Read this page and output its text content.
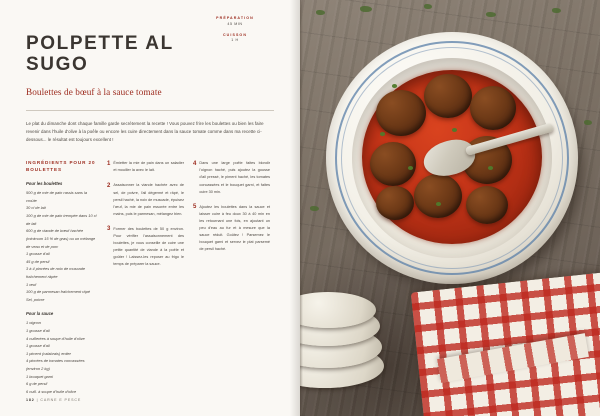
PRÉPARATION
45 MIN
CUISSON
1 H
POLPETTE AL SUGO
Boulettes de bœuf à la sauce tomate
Le plat du dimanche dont chaque famille garde secrètement la recette ! Vous pouvez frire les boulettes ou bien les faire revenir dans l'huile d'olive à la poêle ou encore les cuire directement dans la sauce tomate comme dans ma recette ci-dessous... le résultat est toujours excellent !
INGRÉDIENTS POUR 20 BOULETTES
Pour les boulettes
500 g de mie de pain rassis sans la croûte
30 cl de lait
100 g de mie de pain trempée dans 10 cl de lait
600 g de viande de bœuf hachée (minimum 15 % de gras) ou un mélange de veau et de porc
1 gousse d'ail
45 g de persil
3 à 4 pincées de noix de muscade fraîchement râpée
1 œuf
100 g de parmesan fraîchement râpé
Sel, poivre
Pour la sauce
1 oignon
1 gousse d'ail
4 cuillerées à soupe d'huile d'olive
1 gousse d'ail
1 piment (calabrais) entier
4 pincées de tomates concassées (environ 2 kg)
1 bouquet garni
6 g de persil
6 cuill. à soupe d'huile d'olive
1 Émietter la mie de pain dans un saladier et mouiller la avec le lait.
2 Assaisonner la viande hachée avec de sel, de poivre, l'ail dégermé et râpé, le persil haché, la noix de muscade, épuisez l'œuf, la mie de pain essorée entre les mains, puis le parmesan, mélangez bien.
3 Former des boulettes de 50 g environ. Pour vérifier l'assaisonnement des boulettes, je vous conseille de cuire une petite quantité de viande à la poêle et goûter ! Laissez-les reposer au frigo le temps de préparer la sauce.
4 Dans une large poêle faites blondir l'oignon haché, puis ajoutez la gousse d'ail pressé, le piment haché, les tomates concassées et le bouquet garni, et faites cuire 30 min.
5 Ajoutez les boulettes dans la sauce et laisser cuire à feu doux 30 à 40 min en les retournant une fois, en ajoutant un peu d'eau au fur et à mesure que la sauce réduit. Goûtez ! Parsemez le bouquet garni et servez le plat parsemé de persil haché.
182 | CARNE E PESCE
